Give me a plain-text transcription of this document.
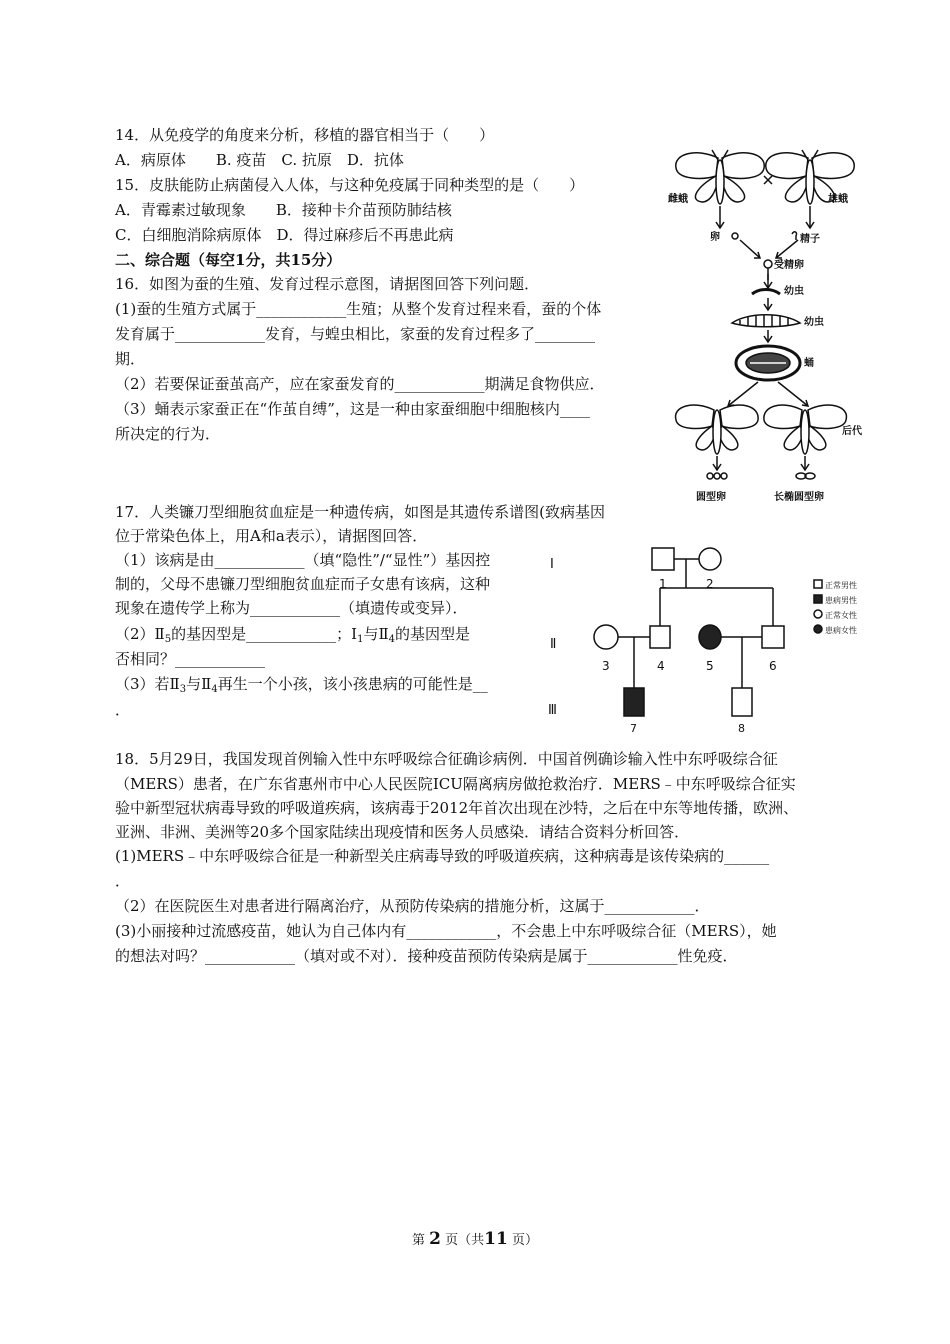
14．从免疫学的角度来分析，移植的器官相当于（　　）
A．病原体　　B. 疫苗　C. 抗原　D．抗体
15．皮肤能防止病菌侵入人体，与这种免疫属于同种类型的是（　　）
A．青霉素过敏现象　　B．接种卡介苗预防肺结核
C．白细胞消除病原体　D．得过麻疹后不再患此病
二、综合题（每空1分，共15分）
16．如图为蚕的生殖、发育过程示意图，请据图回答下列问题．
(1)蚕的生殖方式属于____________生殖；从整个发育过程来看，蚕的个体
发育属于____________发育，与蝗虫相比，家蚕的发育过程多了________
期．
（2）若要保证蚕茧高产，应在家蚕发育的____________期满足食物供应．
（3）蛹表示家蚕正在“作茧自缚”，这是一种由家蚕细胞中细胞核内____
所决定的行为．
雌蛾	雄蛾
卵	精子
受精卵
幼虫
幼虫
蛹
后代
圆型卵	长椭圆型卵
17．人类镰刀型细胞贫血症是一种遗传病，如图是其遗传系谱图(致病基因
位于常染色体上，用A和a表示），请据图回答．
（1）该病是由____________（填“隐性”/“显性”）基因控
制的，父母不患镰刀型细胞贫血症而子女患有该病，这种
现象在遗传学上称为____________（填遗传或变异）．
$(2)Ⅱ_5$的基因型是____________；$Ⅰ_1$与$Ⅱ_4$的基因型是
否相同？____________
（3）若$Ⅱ_3$与$Ⅱ_4$再生一个小孩，该小孩患病的可能性是__
．
Ⅰ
Ⅱ
Ⅲ
1	2
3	4	5	6
7	8
正常男性
患病男性
正常女性
患病女性
18．5月29日，我国发现首例输入性中东呼吸综合征确诊病例．中国首例确诊输入性中东呼吸综合征
（MERS）患者，在广东省惠州市中心人民医院ICU隔离病房做抢救治疗．MERS﹣中东呼吸综合征实
验中新型冠状病毒导致的呼吸道疾病，该病毒于2012年首次出现在沙特，之后在中东等地传播，欧洲、
亚洲、非洲、美洲等20多个国家陆续出现疫情和医务人员感染．请结合资料分析回答．
(1)MERS﹣中东呼吸综合征是一种新型关庄病毒导致的呼吸道疾病，这种病毒是该传染病的______
．
（2）在医院医生对患者进行隔离治疗，从预防传染病的措施分析，这属于____________．
(3)小丽接种过流感疫苗，她认为自己体内有____________，不会患上中东呼吸综合征（MERS），她
的想法对吗？____________（填对或不对）．接种疫苗预防传染病是属于____________性免疫．
第 2 页（共11 页）
